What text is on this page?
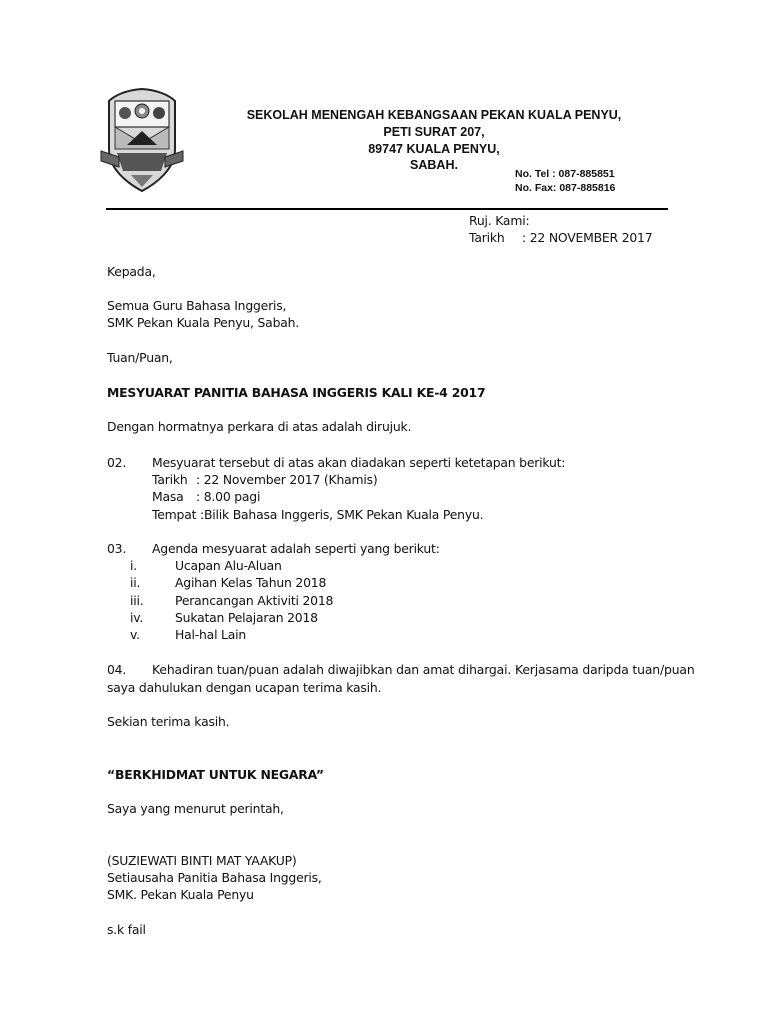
SEKOLAH MENENGAH KEBANGSAAN PEKAN KUALA PENYU,
PETI SURAT 207,
89747 KUALA PENYU,
SABAH.
No. Tel : 087-885851
No. Fax: 087-885816
Ruj. Kami:
Tarikh : 22 NOVEMBER 2017
Kepada,
Semua Guru Bahasa Inggeris,
SMK Pekan Kuala Penyu, Sabah.
Tuan/Puan,
MESYUARAT PANITIA BAHASA INGGERIS KALI KE-4 2017
Dengan hormatnya perkara di atas adalah dirujuk.
02. Mesyuarat tersebut di atas akan diadakan seperti ketetapan berikut:
Tarikh : 22 November 2017 (Khamis)
Masa : 8.00 pagi
Tempat :Bilik Bahasa Inggeris, SMK Pekan Kuala Penyu.
03. Agenda mesyuarat adalah seperti yang berikut:
i.	Ucapan Alu-Aluan
ii.	Agihan Kelas Tahun 2018
iii.	Perancangan Aktiviti 2018
iv.	Sukatan Pelajaran 2018
v.	Hal-hal Lain
04. Kehadiran tuan/puan adalah diwajibkan dan amat dihargai. Kerjasama daripda tuan/puan
saya dahulukan dengan ucapan terima kasih.
Sekian terima kasih.
“BERKHIDMAT UNTUK NEGARA”
Saya yang menurut perintah,
(SUZIEWATI BINTI MAT YAAKUP)
Setiausaha Panitia Bahasa Inggeris,
SMK. Pekan Kuala Penyu
s.k fail
